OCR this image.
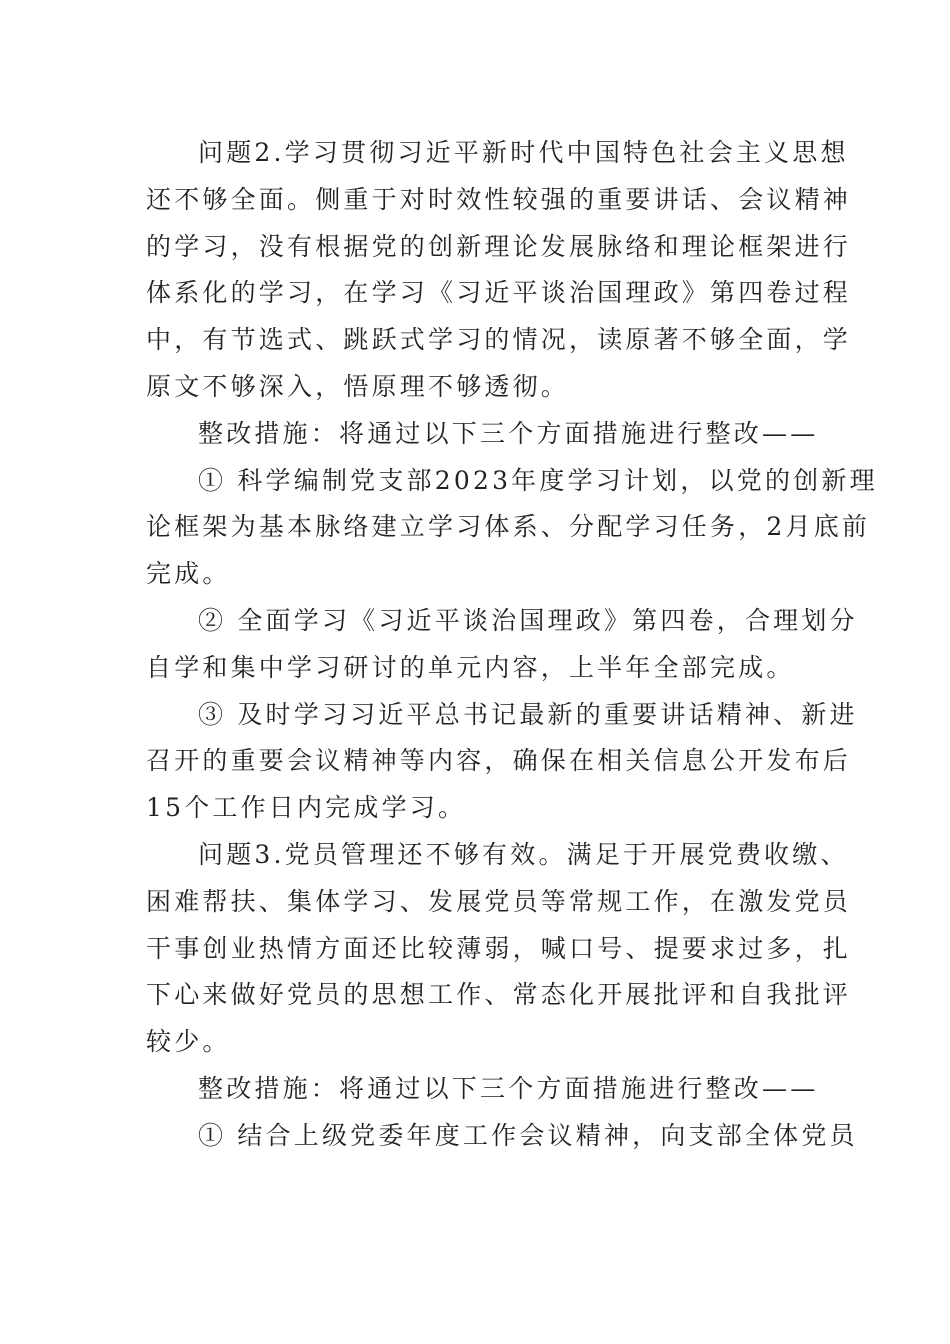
问题2.学习贯彻习近平新时代中国特色社会主义思想
还不够全面。侧重于对时效性较强的重要讲话、会议精神
的学习，没有根据党的创新理论发展脉络和理论框架进行
体系化的学习，在学习《习近平谈治国理政》第四卷过程
中，有节选式、跳跃式学习的情况，读原著不够全面，学
原文不够深入，悟原理不够透彻。
整改措施：将通过以下三个方面措施进行整改——
① 科学编制党支部2023年度学习计划，以党的创新理
论框架为基本脉络建立学习体系、分配学习任务，2月底前
完成。
② 全面学习《习近平谈治国理政》第四卷，合理划分
自学和集中学习研讨的单元内容，上半年全部完成。
③ 及时学习习近平总书记最新的重要讲话精神、新进
召开的重要会议精神等内容，确保在相关信息公开发布后
15个工作日内完成学习。
问题3.党员管理还不够有效。满足于开展党费收缴、
困难帮扶、集体学习、发展党员等常规工作，在激发党员
干事创业热情方面还比较薄弱，喊口号、提要求过多，扎
下心来做好党员的思想工作、常态化开展批评和自我批评
较少。
整改措施：将通过以下三个方面措施进行整改——
① 结合上级党委年度工作会议精神，向支部全体党员
